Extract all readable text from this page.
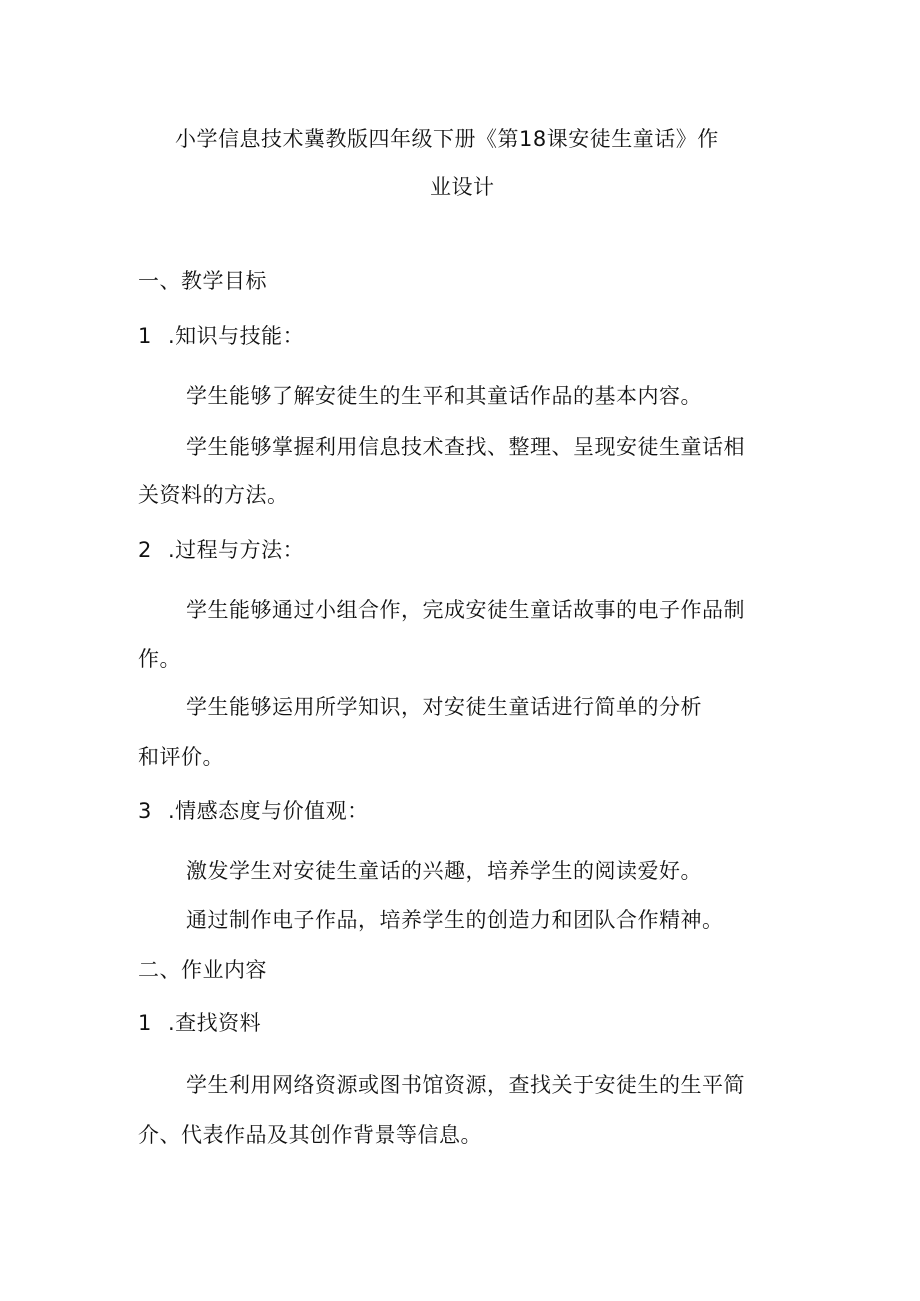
小学信息技术冀教版四年级下册《第18课安徒生童话》作
业设计
一、教学目标
1 .知识与技能：
学生能够了解安徒生的生平和其童话作品的基本内容。
学生能够掌握利用信息技术查找、整理、呈现安徒生童话相
关资料的方法。
2 .过程与方法：
学生能够通过小组合作，完成安徒生童话故事的电子作品制
作。
学生能够运用所学知识，对安徒生童话进行简单的分析
和评价。
3 .情感态度与价值观：
激发学生对安徒生童话的兴趣，培养学生的阅读爱好。
通过制作电子作品，培养学生的创造力和团队合作精神。
二、作业内容
1 .查找资料
学生利用网络资源或图书馆资源，查找关于安徒生的生平简
介、代表作品及其创作背景等信息。
